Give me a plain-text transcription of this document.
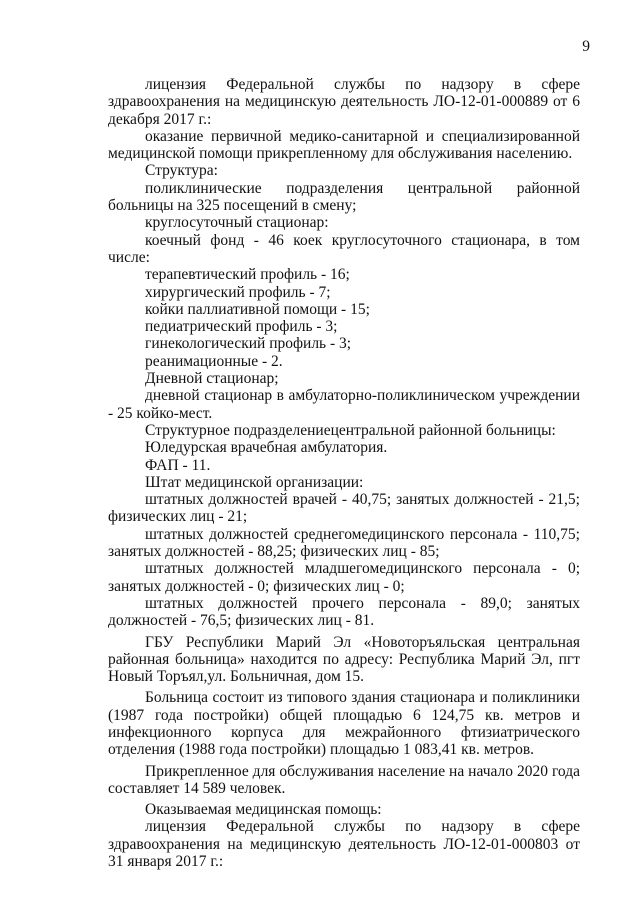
9

лицензия Федеральной службы по надзору в сфере здравоохранения на медицинскую деятельность ЛО-12-01-000889 от 6 декабря 2017 г.:

оказание первичной медико-санитарной и специализированной медицинской помощи прикрепленному для обслуживания населению.

Структура:

поликлинические подразделения центральной районной больницы на 325 посещений в смену;

круглосуточный стационар:

коечный фонд - 46 коек круглосуточного стационара, в том числе:

терапевтический профиль - 16;

хирургический профиль - 7;

койки паллиативной помощи - 15;

педиатрический профиль - 3;

гинекологический профиль - 3;

реанимационные - 2.

Дневной стационар;

дневной стационар в амбулаторно-поликлиническом учреждении - 25 койко-мест.

Структурное подразделениецентральной районной больницы:

Юледурская врачебная амбулатория.

ФАП - 11.

Штат медицинской организации:

штатных должностей врачей - 40,75; занятых должностей - 21,5; физических лиц - 21;

штатных должностей среднегомедицинского персонала - 110,75; занятых должностей - 88,25; физических лиц - 85;

штатных должностей младшегомедицинского персонала - 0; занятых должностей - 0; физических лиц - 0;

штатных должностей прочего персонала - 89,0; занятых должностей - 76,5; физических лиц - 81.

ГБУ Республики Марий Эл «Новоторъяльская центральная районная больница» находится по адресу: Республика Марий Эл, пгт Новый Торъял,ул. Больничная, дом 15.

Больница состоит из типового здания стационара и поликлиники (1987 года постройки) общей площадью 6 124,75 кв. метров и инфекционного корпуса для межрайонного фтизиатрического отделения (1988 года постройки) площадью 1 083,41 кв. метров.

Прикрепленное для обслуживания население на начало 2020 года составляет 14 589 человек.

Оказываемая медицинская помощь:

лицензия Федеральной службы по надзору в сфере здравоохранения на медицинскую деятельность ЛО-12-01-000803 от 31 января 2017 г.:
